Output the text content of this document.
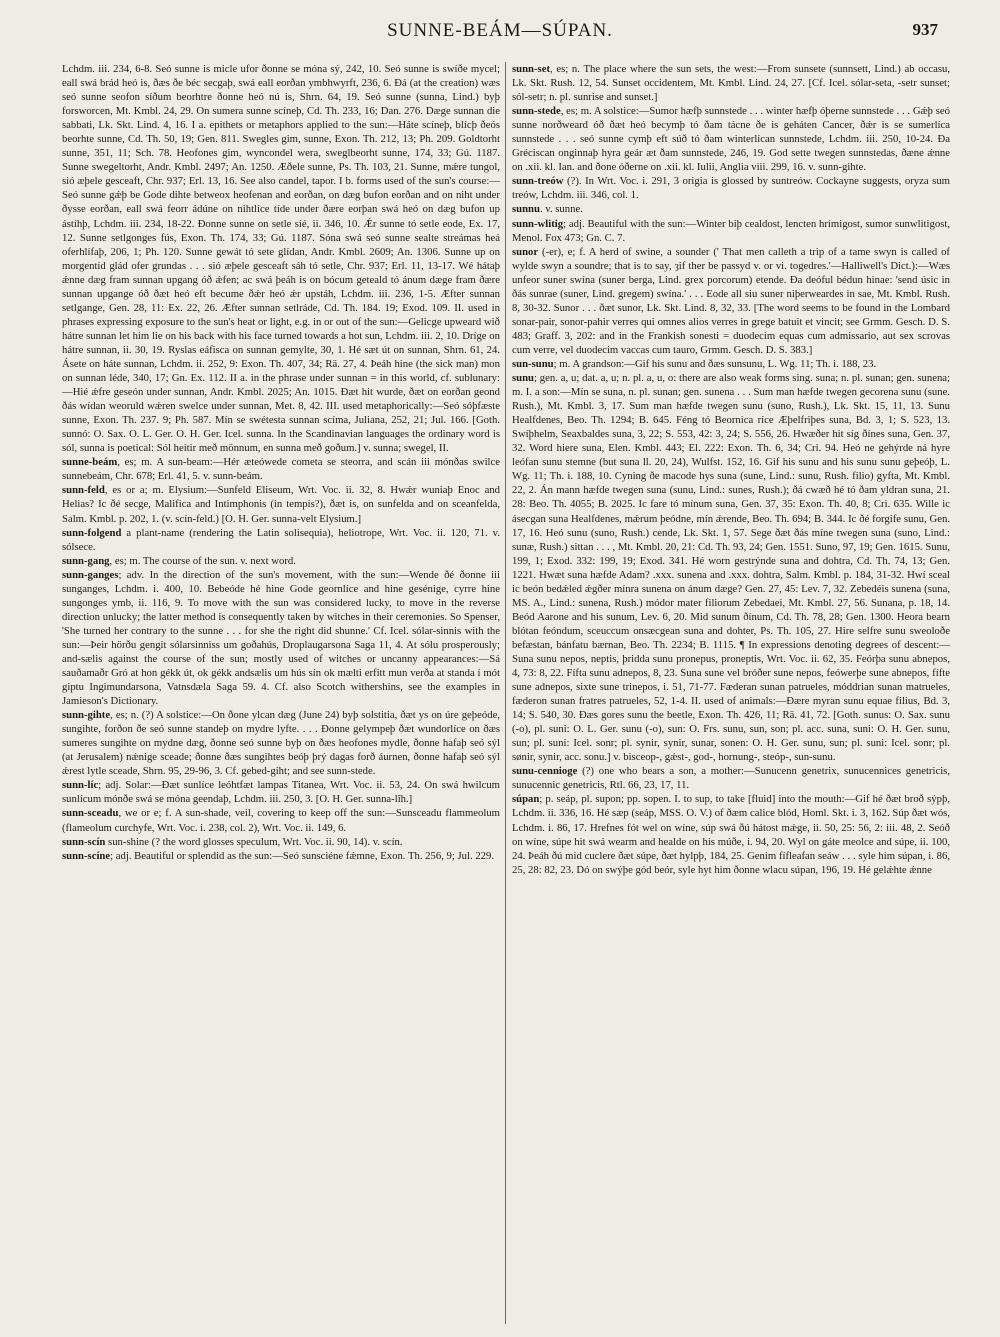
SUNNE-BEÁM—SÚPAN.	937

Lchdm. iii. 234, 6-8. Seó sunne is micle ufor ðonne se móna sý, 242, 10. Seó sunne is swíðe mycel; eall swá brád heó is, ðæs ðe béc secgaþ, swá eall eorðan ymbhwyrft, 236, 6. Ðá (at the creation) wæs seó sunne seofon síðum beorhtre ðonne heó nú is, Shrn. 64, 19. Seó sunne (sunna, Lind.) byþ forsworcen, Mt. Kmbl. 24, 29. On sumera sunne scíneþ, Cd. Th. 233, 16; Dan. 276. Dæge sunnan die sabbati, Lk. Skt. Lind. 4, 16. I a. epithets or metaphors applied to the sun:—Háte scíneþ, blícþ ðeós beorhte sunne, Cd. Th. 50, 19; Gen. 811. Swegles gim, sunne, Exon. Th. 212, 13; Ph. 209. Goldtorht sunne, 351, 11; Sch. 78. Heofones gim, wyncondel wera, sweglbeorht sunne, 174, 33; Gú. 1187. Sunne swegeltorht, Andr. Kmbl. 2497; An. 1250. Æðele sunne, Ps. Th. 103, 21. Sunne, mǽre tungol, sió æþele gesceaft, Chr. 937; Erl. 13, 16. See also candel, tapor. I b. forms used of the sun's course:—Seó sunne gǽþ be Gode dihte betweox heofenan and eorðan, on dæg bufon eorðan and on niht under ðysse eorðan, eall swá feorr ádúne on nihtlíce tíde under ðære eorþan swá heó on dæg bufon up ástíhþ, Lchdm. iii. 234, 18-22. Ðonne sunne on setle sié, ii. 346, 10. Ǽr sunne tó setle eode, Ex. 17, 12. Sunne setlgonges fús, Exon. Th. 174, 33; Gú. 1187. Sóna swá seó sunne sealte streámas heá oferhlífaþ, 206, 1; Ph. 120. Sunne gewát tó sete glídan, Andr. Kmbl. 2609; An. 1306. Sunne up on morgentíd glád ofer grundas . . . sió æþele gesceaft sáh tó setle, Chr. 937; Erl. 11, 13-17. Wé hátaþ ǽnne dæg fram sunnan upgang óð ǽfen; ac swá þeáh is on bócum geteald tó ánum dæge fram ðære sunnan upgange óð ðæt heó eft becume ðǽr heó ǽr upstáh, Lchdm. iii. 236, 1-5. Æfter sunnan setlgange, Gen. 28, 11: Ex. 22, 26. Æfter sunnan setlráde, Cd. Th. 184. 19; Exod. 109. II. used in phrases expressing exposure to the sun's heat or light, e.g. in or out of the sun:—Gelicge upweard wið hátre sunnan let him lie on his back with his face turned towards a hot sun, Lchdm. iii. 2, 10. Dríge on hátre sunnan, ii. 30, 19. Ryslas eáfisca on sunnan gemylte, 30, 1. Hé sæt út on sunnan, Shrn. 61, 24. Ásete on háte sunnan, Lchdm. ii. 252, 9: Exon. Th. 407, 34; Rä. 27, 4. Þeáh hine (the sick man) mon on sunnan léde, 340, 17; Gn. Ex. 112. II a. in the phrase under sunnan = in this world, cf. sublunary:—Hié ǽfre geseón under sunnan, Andr. Kmbl. 2025; An. 1015. Ðæt hit wurde, ðæt on eorðan geond ðás wídan weoruld wǽren swelce under sunnan, Met. 8, 42. III. used metaphorically:—Seó sóþfæste sunne, Exon. Th. 237. 9; Ph. 587. Mín se swétesta sunnan scíma, Juliana, 252, 21; Jul. 166. [Goth. sunnó: O. Sax. O. L. Ger. O. H. Ger. Icel. sunna. In the Scandinavian languages the ordinary word is sól, sunna is poetical: Sól heitir með mönnum, en sunna með goðum.] v. sunna; swegel, II.

sunne-beám, es; m. A sun-beam:—Hér æteówede cometa se steorra, and scán iii mónðas swilce sunnebeám, Chr. 678; Erl. 41, 5. v. sunn-beám.

sunn-feld, es or a; m. Elysium:—Sunfeld Eliseum, Wrt. Voc. ii. 32, 8. Hwǽr wuniaþ Enoc and Helias? Ic ðé secge, Malifica and Intimphonis (in tempis?), ðæt is, on sunfelda and on sceanfelda, Salm. Kmbl. p. 202, 1. (v. scín-feld.) [O. H. Ger. sunna-velt Elysium.]

sunn-folgend a plant-name (rendering the Latin solisequia), heliotrope, Wrt. Voc. ii. 120, 71. v. sólsece.

sunn-gang, es; m. The course of the sun. v. next word.

sunn-ganges; adv. In the direction of the sun's movement, with the sun:—Wende ðé ðonne iii sunganges, Lchdm. i. 400, 10. Bebeóde hé hine Gode geornlíce and hine gesénige, cyrre hine sungonges ymb, ii. 116, 9. To move with the sun was considered lucky, to move in the reverse direction unlucky; the latter method is consequently taken by witches in their ceremonies. So Spenser, 'She turned her contrary to the sunne . . . for she the right did shunne.' Cf. Icel. sólar-sinnis with the sun:—Þeir hörðu gengit sólarsinniss um goðahús, Droplaugarsona Saga 11, 4. At sólu prosperously; and-sælis against the course of the sun; mostly used of witches or uncanny appearances:—Sá sauðamaðr Gró at hon gékk út, ok gékk andsælis um hús sín ok mælti erfitt mun verða at standa í mót giptu Ingimundarsona, Vatnsdæla Saga 59. 4. Cf. also Scotch withershins, see the examples in Jamieson's Dictionary.

sunn-gihte, es; n. (?) A solstice:—On ðone ylcan dæg (June 24) byþ solstitia, ðæt ys on úre geþeóde, sungihte, forðon ðe seó sunne standeþ on mydre lyfte. . . . Ðonne gelympeþ ðæt wundorlíce on ðæs sumeres sungihte on mydne dæg, ðonne seó sunne byþ on ðæs heofones mydle, ðonne hafaþ seó sýl (at Jerusalem) nǽnige sceade; ðonne ðæs sungihtes beóþ þrý dagas forð áurnen, ðonne hafaþ seó sýl ǽrest lytle sceade, Shrn. 95, 29-96, 3. Cf. gebed-giht; and see sunn-stede.

sunn-líc; adj. Solar:—Ðæt sunlíce leóhtfæt lampas Titanea, Wrt. Voc. ii. 53, 24. On swá hwilcum sunlícum mónðe swá se móna geendaþ, Lchdm. iii. 250, 3. [O. H. Ger. sunna-lîh.]

sunn-sceadu, we or e; f. A sun-shade, veil, covering to keep off the sun:—Sunsceadu flammeolum (flameolum curchyfe, Wrt. Voc. i. 238, col. 2), Wrt. Voc. ii. 149, 6.

sunn-scín sun-shine (? the word glosses speculum, Wrt. Voc. ii. 90, 14). v. scín.

sunn-scíne; adj. Beautiful or splendid as the sun:—Seó sunsciéne fǽmne, Exon. Th. 256, 9; Jul. 229.

sunn-set, es; n. The place where the sun sets, the west:—From sunsete (sunnsett, Lind.) ab occasu, Lk. Skt. Rush. 12, 54. Sunset occidentem, Mt. Kmbl. Lind. 24, 27. [Cf. Icel. sólar-seta, -setr sunset; sól-setr; n. pl. sunrise and sunset.]

sunn-stede, es; m. A solstice:—Sumor hæfþ sunnstede . . . winter hæfþ óþerne sunnstede . . . Gǽþ seó sunne norðweard óð ðæt heó becymþ tó ðam tácne ðe is geháten Cancer, ðǽr is se sumerlíca sunnstede . . . seó sunne cymþ eft súð tó ðam winterlícan sunnstede, Lchdm. iii. 250, 10-24. Ða Gréciscan onginnaþ hyra geár æt ðam sunnstede, 246, 19. God sette twegen sunnstedas, ðæne ǽnne on .xii. kl. Ian. and ðone óðerne on .xii. kl. Iulii, Anglia viii. 299, 16. v. sunn-gihte.

sunn-treów (?). In Wrt. Voc. i. 291, 3 origia is glossed by suntreów. Cockayne suggests, oryza sum treów, Lchdm. iii. 346, col. 1.

sunnu. v. sunne.

sunn-wlitig; adj. Beautiful with the sun:—Winter biþ cealdost, lencten hrímigost, sumor sunwlitigost, Menol. Fox 473; Gn. C. 7.

sunor (-er), e; f. A herd of swine, a sounder (' That men calleth a trip of a tame swyn is called of wylde swyn a soundre; that is to say, ȝif ther be passyd v. or vi. togedres.'—Halliwell's Dict.):—Wæs unfeor suner swína (suner berga, Lind. grex porcorum) etende. Ða deóful bédun hinae: 'send úsic in ðás sunrae (suner, Lind. gregem) swína.' . . . Eode all siu suner niþerweardes in sae, Mt. Kmbl. Rush. 8, 30-32. Sunor . . . ðæt sunor, Lk. Skt. Lind. 8, 32, 33. [The word seems to be found in the Lombard sonar-pair, sonor-pahir verres qui omnes alios verres in grege batuit et vincit; see Grmm. Gesch. D. S. 483; Graff. 3, 202: and in the Frankish sonesti = duodecim equas cum admissario, aut sex scrovas cum verre, vel duodecim vaccas cum tauro, Grmm. Gesch. D. S. 383.]

sun-sunu; m. A grandson:—Gif his sunu and ðæs sunsunu, L. Wg. 11; Th. i. 188, 23.

sunu; gen. a, u; dat. a, u; n. pl. a, u, o: there are also weak forms sing. suna; n. pl. sunan; gen. sunena; m. I. a son:—Mín se suna, n. pl. sunan; gen. sunena . . . Sum man hæfde twegen gecorena sunu (sune. Rush.), Mt. Kmbl. 3, 17. Sum man hæfde twegen sunu (suno, Rush.), Lk. Skt. 15, 11, 13. Sunu Healfdenes, Beo. Th. 1294; B. 645. Féng tó Beornica ríce Æþelfriþes suna, Bd. 3, 1; S. 523, 13. Swíþhelm, Seaxbaldes suna, 3, 22; S. 553, 42: 3, 24; S. 556, 26. Hwæðer hit síg ðínes suna, Gen. 37, 32. Word hiere suna, Elen. Kmbl. 443; El. 222: Exon. Th. 6, 34; Cri. 94. Heó ne gehýrde ná hyre leófan sunu stemne (but suna ll. 20, 24), Wulfst. 152, 16. Gif his sunu and his sunu sunu geþeóþ, L. Wg. 11; Th. i. 188, 10. Cyning ðe macode hys suna (sune, Lind.: sunu, Rush. filio) gyfta, Mt. Kmbl. 22, 2. Án mann hæfde twegen suna (sunu, Lind.: sunes, Rush.); ðá cwæð hé tó ðam yldran suna, 21. 28: Beo. Th. 4055; B. 2025. Ic fare tó mínum suna, Gen. 37, 35: Exon. Th. 40, 8; Cri. 635. Wille ic ásecgan suna Healfdenes, mǽrum þeódne, mín ǽrende, Beo. Th. 694; B. 344. Ic ðé forgife sunu, Gen. 17, 16. Heó sunu (suno, Rush.) cende, Lk. Skt. 1, 57. Sege ðæt ðás míne twegen suna (suno, Lind.: sunæ, Rush.) sittan . . . , Mt. Kmbl. 20, 21: Cd. Th. 93, 24; Gen. 1551. Suno, 97, 19; Gen. 1615. Sunu, 199, 1; Exod. 332: 199, 19; Exod. 341. Hé worn gestrýnde suna and dohtra, Cd. Th. 74, 13; Gen. 1221. Hwæt suna hæfde Adam? .xxx. sunena and .xxx. dohtra, Salm. Kmbl. p. 184, 31-32. Hwí sceal ic beón bedǽled ǽgðer mínra sunena on ánum dæge? Gen. 27, 45: Lev. 7, 32. Zebedéis sunena (suna, MS. A., Lind.: sunena, Rush.) módor mater filiorum Zebedaei, Mt. Kmbl. 27, 56. Sunana, p. 18, 14. Beód Aarone and his sunum, Lev. 6, 20. Mid sunum ðínum, Cd. Th. 78, 28; Gen. 1300. Heora bearn blótan feóndum, sceuccum onsæcgean suna and dohter, Ps. Th. 105, 27. Hire selfre sunu sweoloðe befæstan, bánfatu bærnan, Beo. Th. 2234; B. 1115. ¶ In expressions denoting degrees of descent:—Suna sunu nepos, neptis, þridda sunu pronepus, proneptis, Wrt. Voc. ii. 62, 35. Feórþa sunu abnepos, 4, 73: 8, 22. Fífta sunu adnepos, 8, 23. Suna sune vel bróðer sune nepos, feówerþe sune abnepos, fífte sune adnepos, sixte sune trinepos, i. 51, 71-77. Fæderan sunan patrueles, móddrian sunan matrueles, fæderon sunan fratres patrueles, 52, 1-4. II. used of animals:—Ðære myran sunu equae filius, Bd. 3, 14; S. 540, 30. Ðæs gores sunu the beetle, Exon. Th. 426, 11; Rä. 41, 72. [Goth. sunus: O. Sax. sunu (-o), pl. suni: O. L. Ger. sunu (-o), sun: O. Frs. sunu, sun, son; pl. acc. suna, suni: O. H. Ger. sunu, sun; pl. suni: Icel. sonr; pl. synir, synir, sunar, sonen: O. H. Ger. sunu, sun; pl. suni: Icel. sonr; pl. sønir, synir, acc. sonu.] v. bisceop-, gǽst-, god-, hornung-, steóp-, sun-sunu.

sunu-cennioge (?) one who bears a son, a mother:—Sunucenn genetrix, sunucennices genetricis, sunucennic genetricis, Rtl. 66, 23, 17, 11.

súpan; p. seáp, pl. supon; pp. sopen. I. to sup, to take [fluid] into the mouth:—Gif hé ðæt broð sýpþ, Lchdm. ii. 336, 16. Hé sæp (seáp, MSS. O. V.) of ðæm calice blód, Homl. Skt. i. 3, 162. Súp ðæt wós, Lchdm. i. 86, 17. Hrefnes fót wel on wíne, súp swá ðú hátost mǽge, ii. 50, 25: 56, 2: iii. 48, 2. Seóð on wíne, súpe hit swá wearm and healde on his múðe, i. 94, 20. Wyl on gáte meolce and súpe, ii. 100, 24. Þeáh ðú mid cuclere ðæt súpe, ðæt hylpþ, 184, 25. Genim fífleafan seáw . . . syle him súpan, i. 86, 25, 28: 82, 23. Dó on swýþe gód beór, syle hyt him ðonne wlacu súpan, 196, 19. Hé gelǽhte ǽnne
